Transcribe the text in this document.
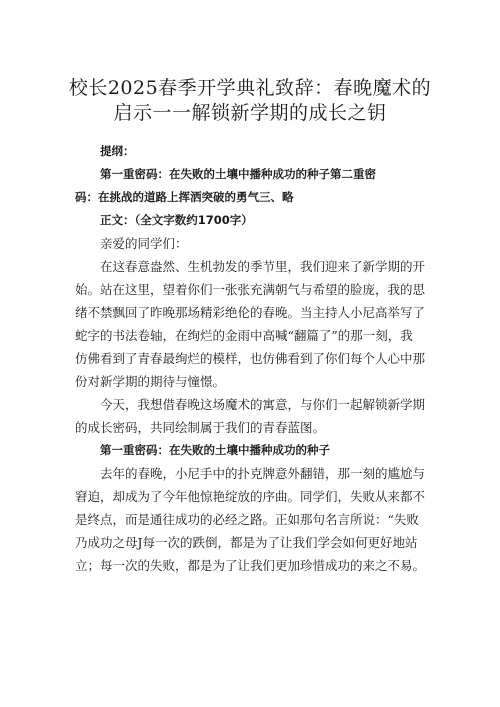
校长2025春季开学典礼致辞：春晚魔术的
启示一一解锁新学期的成长之钥
提纲：
第一重密码：在失败的土壤中播种成功的种子第二重密
码：在挑战的道路上挥洒突破的勇气三、略
正文：（全文字数约1700字）
亲爱的同学们：
在这春意盎然、生机勃发的季节里，我们迎来了新学期的开
始。站在这里，望着你们一张张充满朝气与希望的脸庞，我的思
绪不禁飘回了昨晚那场精彩绝伦的春晚。当主持人小尼高举写了
蛇字的书法卷轴，在绚烂的金雨中高喊“翻篇了”的那一刻，我
仿佛看到了青春最绚烂的模样，也仿佛看到了你们每个人心中那
份对新学期的期待与憧憬。
今天，我想借春晚这场魔术的寓意，与你们一起解锁新学期
的成长密码，共同绘制属于我们的青春蓝图。
第一重密码：在失败的土壤中播种成功的种子
去年的春晚，小尼手中的扑克牌意外翻错，那一刻的尴尬与
窘迫，却成为了今年他惊艳绽放的序曲。同学们，失败从来都不
是终点，而是通往成功的必经之路。正如那句名言所说：“失败
乃成功之母J每一次的跌倒，都是为了让我们学会如何更好地站
立；每一次的失败，都是为了让我们更加珍惜成功的来之不易。
